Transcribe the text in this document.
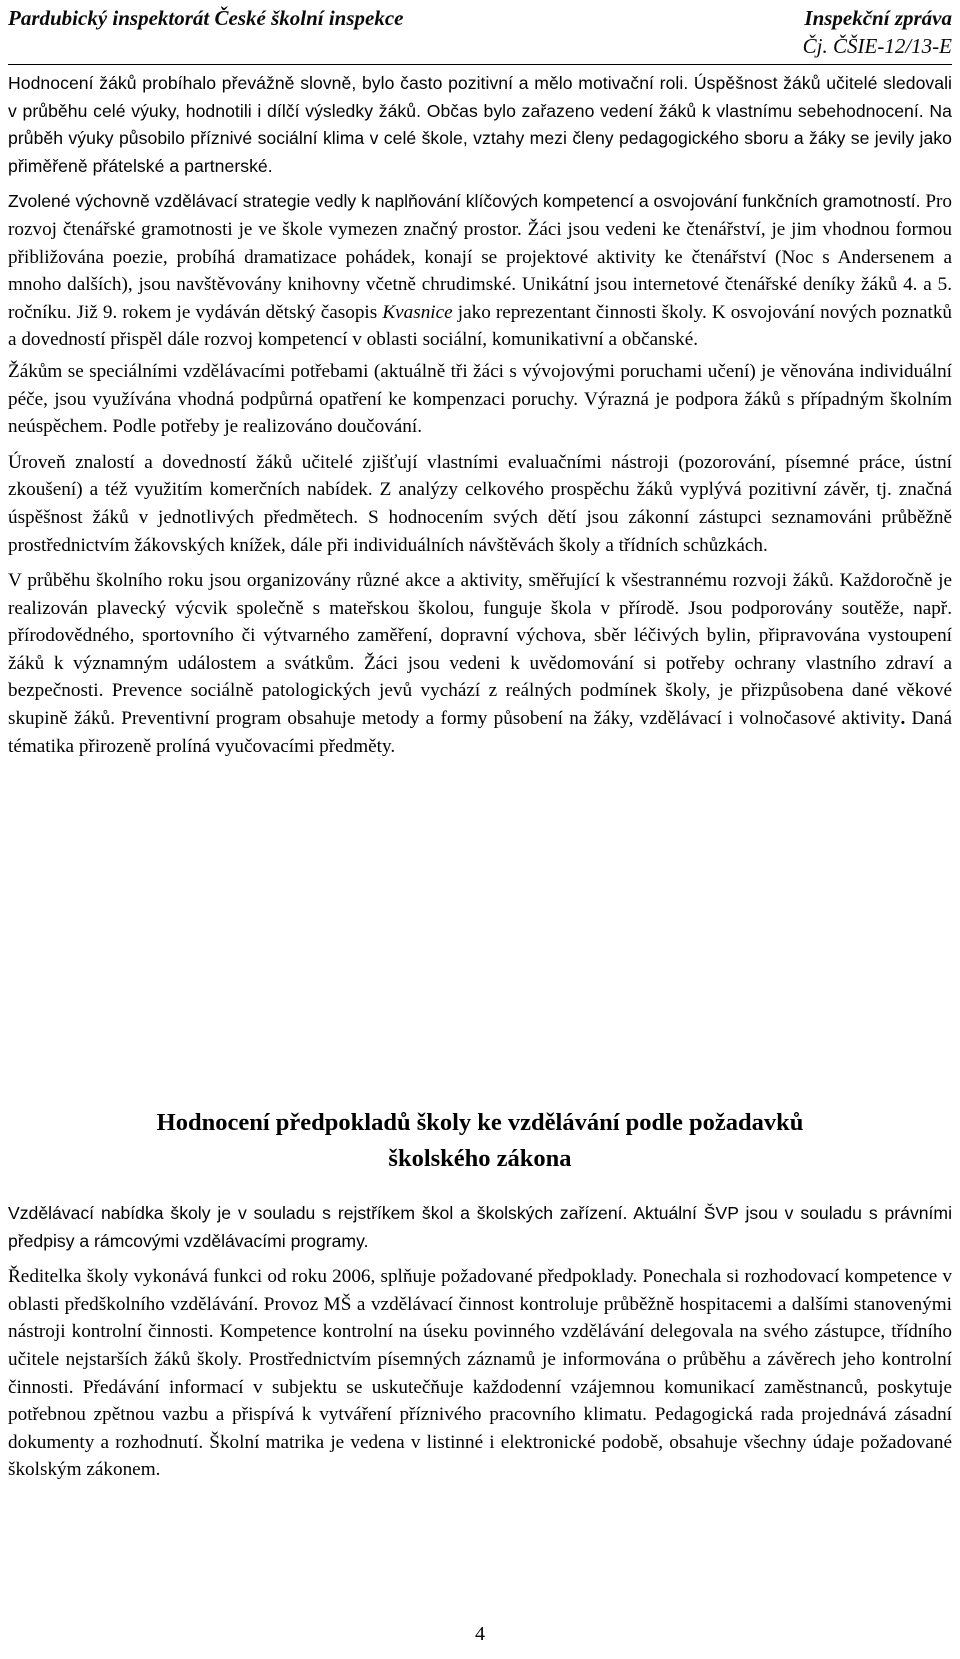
Pardubický inspektorát České školní inspekce	Inspekční zpráva
Čj. ČŠIE-12/13-E

Hodnocení žáků probíhalo převážně slovně, bylo často pozitivní a mělo motivační roli. Úspěšnost žáků učitelé sledovali v průběhu celé výuky, hodnotili i dílčí výsledky žáků. Občas bylo zařazeno vedení žáků k vlastnímu sebehodnocení. Na průběh výuky působilo příznivé sociální klima v celé škole, vztahy mezi členy pedagogického sboru a žáky se jevily jako přiměřeně přátelské a partnerské.

Zvolené výchovně vzdělávací strategie vedly k naplňování klíčových kompetencí a osvojování funkčních gramotností. Pro rozvoj čtenářské gramotnosti je ve škole vymezen značný prostor. Žáci jsou vedeni ke čtenářství, je jim vhodnou formou přibližována poezie, probíhá dramatizace pohádek, konají se projektové aktivity ke čtenářství (Noc s Andersenem a mnoho dalších), jsou navštěvovány knihovny včetně chrudimské. Unikátní jsou internetové čtenářské deníky žáků 4. a 5. ročníku. Již 9. rokem je vydáván dětský časopis Kvasnice jako reprezentant činnosti školy. K osvojování nových poznatků a dovedností přispěl dále rozvoj kompetencí v oblasti sociální, komunikativní a občanské.

Žákům se speciálními vzdělávacími potřebami (aktuálně tři žáci s vývojovými poruchami učení) je věnována individuální péče, jsou využívána vhodná podpůrná opatření ke kompenzaci poruchy. Výrazná je podpora žáků s případným školním neúspěchem. Podle potřeby je realizováno doučování.

Úroveň znalostí a dovedností žáků učitelé zjišťují vlastními evaluačními nástroji (pozorování, písemné práce, ústní zkoušení) a též využitím komerčních nabídek. Z analýzy celkového prospěchu žáků vyplývá pozitivní závěr, tj. značná úspěšnost žáků v jednotlivých předmětech. S hodnocením svých dětí jsou zákonní zástupci seznamováni průběžně prostřednictvím žákovských knížek, dále při individuálních návštěvách školy a třídních schůzkách.

V průběhu školního roku jsou organizovány různé akce a aktivity, směřující k všestrannému rozvoji žáků. Každoročně je realizován plavecký výcvik společně s mateřskou školou, funguje škola v přírodě. Jsou podporovány soutěže, např. přírodovědného, sportovního či výtvarného zaměření, dopravní výchova, sběr léčivých bylin, připravována vystoupení žáků k významným událostem a svátkům. Žáci jsou vedeni k uvědomování si potřeby ochrany vlastního zdraví a bezpečnosti. Prevence sociálně patologických jevů vychází z reálných podmínek školy, je přizpůsobena dané věkové skupině žáků. Preventivní program obsahuje metody a formy působení na žáky, vzdělávací i volnočasové aktivity. Daná tématika přirozeně prolíná vyučovacími předměty.

Hodnocení předpokladů školy ke vzdělávání podle požadavků
školského zákona

Vzdělávací nabídka školy je v souladu s rejstříkem škol a školských zařízení. Aktuální ŠVP jsou v souladu s právními předpisy a rámcovými vzdělávacími programy.

Ředitelka školy vykonává funkci od roku 2006, splňuje požadované předpoklady. Ponechala si rozhodovací kompetence v oblasti předškolního vzdělávání. Provoz MŠ a vzdělávací činnost kontroluje průběžně hospitacemi a dalšími stanovenými nástroji kontrolní činnosti. Kompetence kontrolní na úseku povinného vzdělávání delegovala na svého zástupce, třídního učitele nejstarších žáků školy. Prostřednictvím písemných záznamů je informována o průběhu a závěrech jeho kontrolní činnosti. Předávání informací v subjektu se uskutečňuje každodenní vzájemnou komunikací zaměstnanců, poskytuje potřebnou zpětnou vazbu a přispívá k vytváření příznivého pracovního klimatu. Pedagogická rada projednává zásadní dokumenty a rozhodnutí. Školní matrika je vedena v listinné i elektronické podobě, obsahuje všechny údaje požadované školským zákonem.

4
